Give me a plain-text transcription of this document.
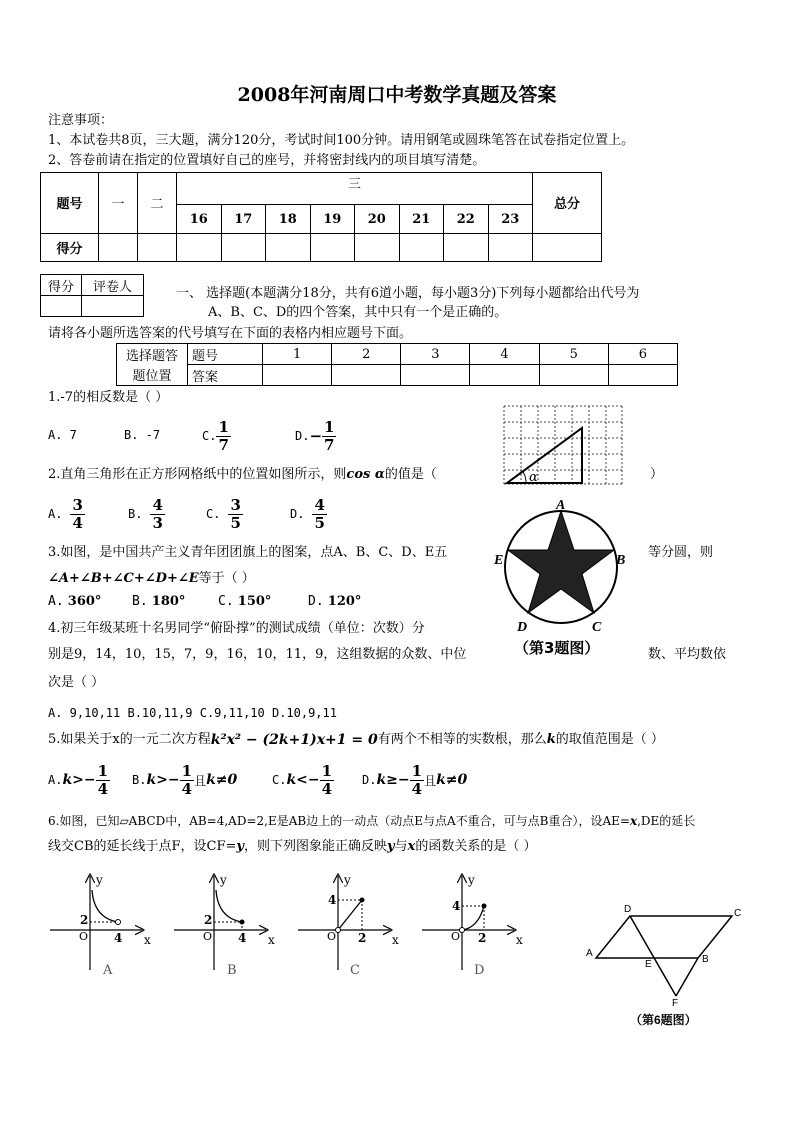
2008年河南周口中考数学真题及答案
注意事项：
1、本试卷共8页，三大题，满分120分，考试时间100分钟。请用钢笔或圆珠笔答在试卷指定位置上。
2、答卷前请在指定的位置填好自己的座号，并将密封线内的项目填写清楚。
题号	一	二	三								总分
			16	17	18	19	20	21	22	23	
得分											
得分	评卷人
		一、 选择题(本题满分18分，共有6道小题，每小题3分)下列每小题都给出代号为
A、B、C、D的四个答案，其中只有一个是正确的。
请将各小题所选答案的代号填写在下面的表格内相应题号下面。
选择题答	题号	1	2	3	4	5	6
题位置	答案						
1.-7的相反数是（ ）
A. 7	B. -7	C. $\frac{1}{7}$	D. − $\frac{1}{7}$
α
2.直角三角形在正方形网格纸中的位置如图所示，则 cos α 的值是（	）
A. $\frac{3}{4}$	B. $\frac{4}{3}$	C. $\frac{3}{5}$	D. $\frac{4}{5}$	A
B
C
D
E
（第3题图）
3.如图，是中国共产主义青年团团旗上的图案，点A、B、C、D、E五	等分圆，则
∠A+∠B+∠C+∠D+∠E 等于（ ）
A. 360° B. 180°	C. 150°	D. 120°
4.初三年级某班十名男同学“俯卧撑”的测试成绩（单位：次数）分
别是9，14，10，15，7，9，16，10，11，9，这组数据的众数、中位	数、平均数依
次是（ ）
A. 9,10,11 B.10,11,9 C.9,11,10 D.10,9,11
5.如果关于x的一元二次方程 k²x² − (2k+1)x+1 = 0 有两个不相等的实数根，那么 k 的取值范围是（ ）
A. $k>- \frac{1}{4} B$. $k>- \frac{1}{4}$ 且 k≠0	C. $k<- \frac{1}{4} D$. $k\ge- \frac{1}{4}$ 且 k≠0
6.如图，已知▱ABCD中，AB=4,AD=2,E是AB边上的一动点（动点E与点A不重合，可与点B重合），设AE=x,DE的延长
线交CB的延长线于点F，设CF=y，则下列图象能正确反映y与x的函数关系的是（ ）
y
x
O
2
4
A
y
x
O
2
4
B
y
x
O
4
2
C
y
x
O
4
2
D
D	C
A
E	B
F
（第6题图）
